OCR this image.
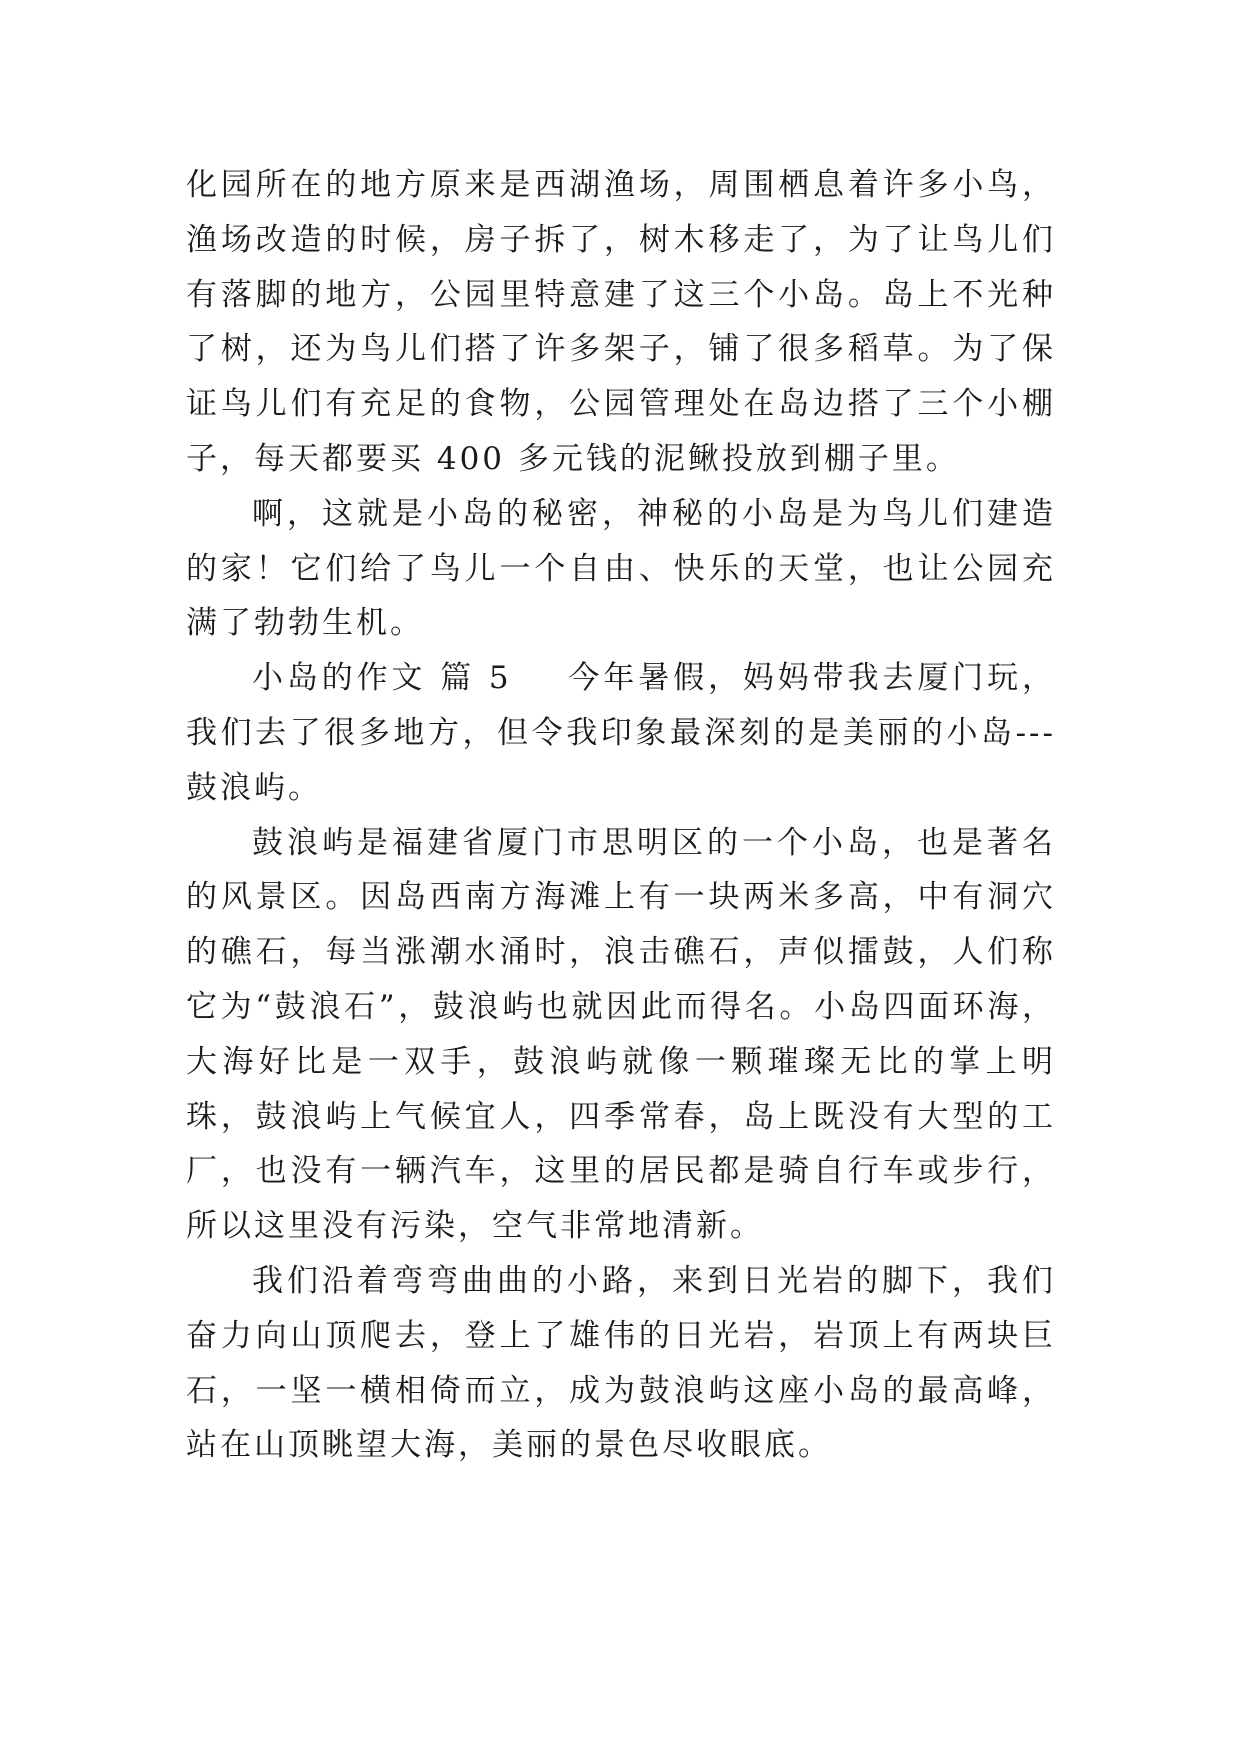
化园所在的地方原来是西湖渔场，周围栖息着许多小鸟，渔场改造的时候，房子拆了，树木移走了，为了让鸟儿们有落脚的地方，公园里特意建了这三个小岛。岛上不光种了树，还为鸟儿们搭了许多架子，铺了很多稻草。为了保证鸟儿们有充足的食物，公园管理处在岛边搭了三个小棚子，每天都要买 400 多元钱的泥鳅投放到棚子里。

啊，这就是小岛的秘密，神秘的小岛是为鸟儿们建造的家！它们给了鸟儿一个自由、快乐的天堂，也让公园充满了勃勃生机。

小岛的作文 篇 5 今年暑假，妈妈带我去厦门玩，我们去了很多地方，但令我印象最深刻的是美丽的小岛---鼓浪屿。

鼓浪屿是福建省厦门市思明区的一个小岛，也是著名的风景区。因岛西南方海滩上有一块两米多高，中有洞穴的礁石，每当涨潮水涌时，浪击礁石，声似擂鼓，人们称它为“鼓浪石”，鼓浪屿也就因此而得名。小岛四面环海，大海好比是一双手，鼓浪屿就像一颗璀璨无比的掌上明珠，鼓浪屿上气候宜人，四季常春，岛上既没有大型的工厂，也没有一辆汽车，这里的居民都是骑自行车或步行，所以这里没有污染，空气非常地清新。

我们沿着弯弯曲曲的小路，来到日光岩的脚下，我们奋力向山顶爬去，登上了雄伟的日光岩，岩顶上有两块巨石，一坚一横相倚而立，成为鼓浪屿这座小岛的最高峰，站在山顶眺望大海，美丽的景色尽收眼底。
